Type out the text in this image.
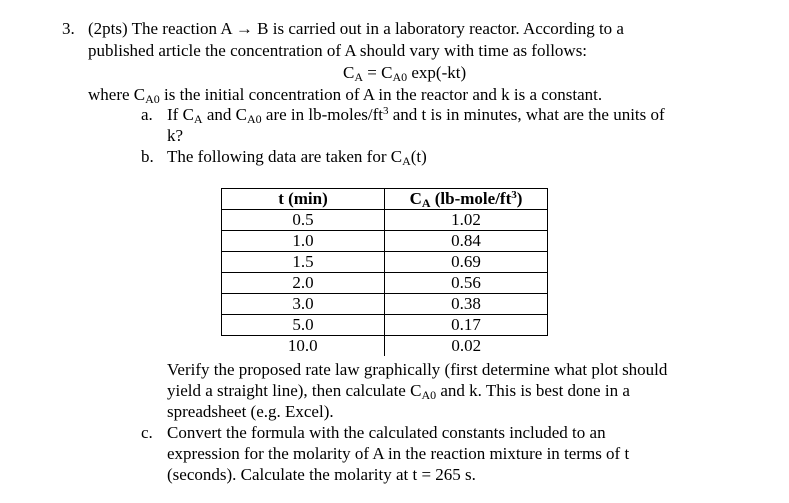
3. (2pts) The reaction A → B is carried out in a laboratory reactor. According to a
published article the concentration of A should vary with time as follows:
$C_A = C_{A0}$ exp(-kt)
where $C_{A0}$ is the initial concentration of A in the reactor and k is a constant.
a. If $C_A$ and $C_{A0}$ are in $lb-moles/ft^3$ and t is in minutes, what are the units of
k?
b. The following data are taken for $C_A(t)$
t (min)	$C_A$ $(lb-mole/ft^3)$
0.5	1.02
1.0	0.84
1.5	0.69
2.0	0.56
3.0	0.38
5.0	0.17
10.0	0.02
Verify the proposed rate law graphically (first determine what plot should
yield a straight line), then calculate $C_{A0}$ and k. This is best done in a
spreadsheet (e.g. Excel).
c. Convert the formula with the calculated constants included to an
expression for the molarity of A in the reaction mixture in terms of t
(seconds). Calculate the molarity at t = 265 s.
